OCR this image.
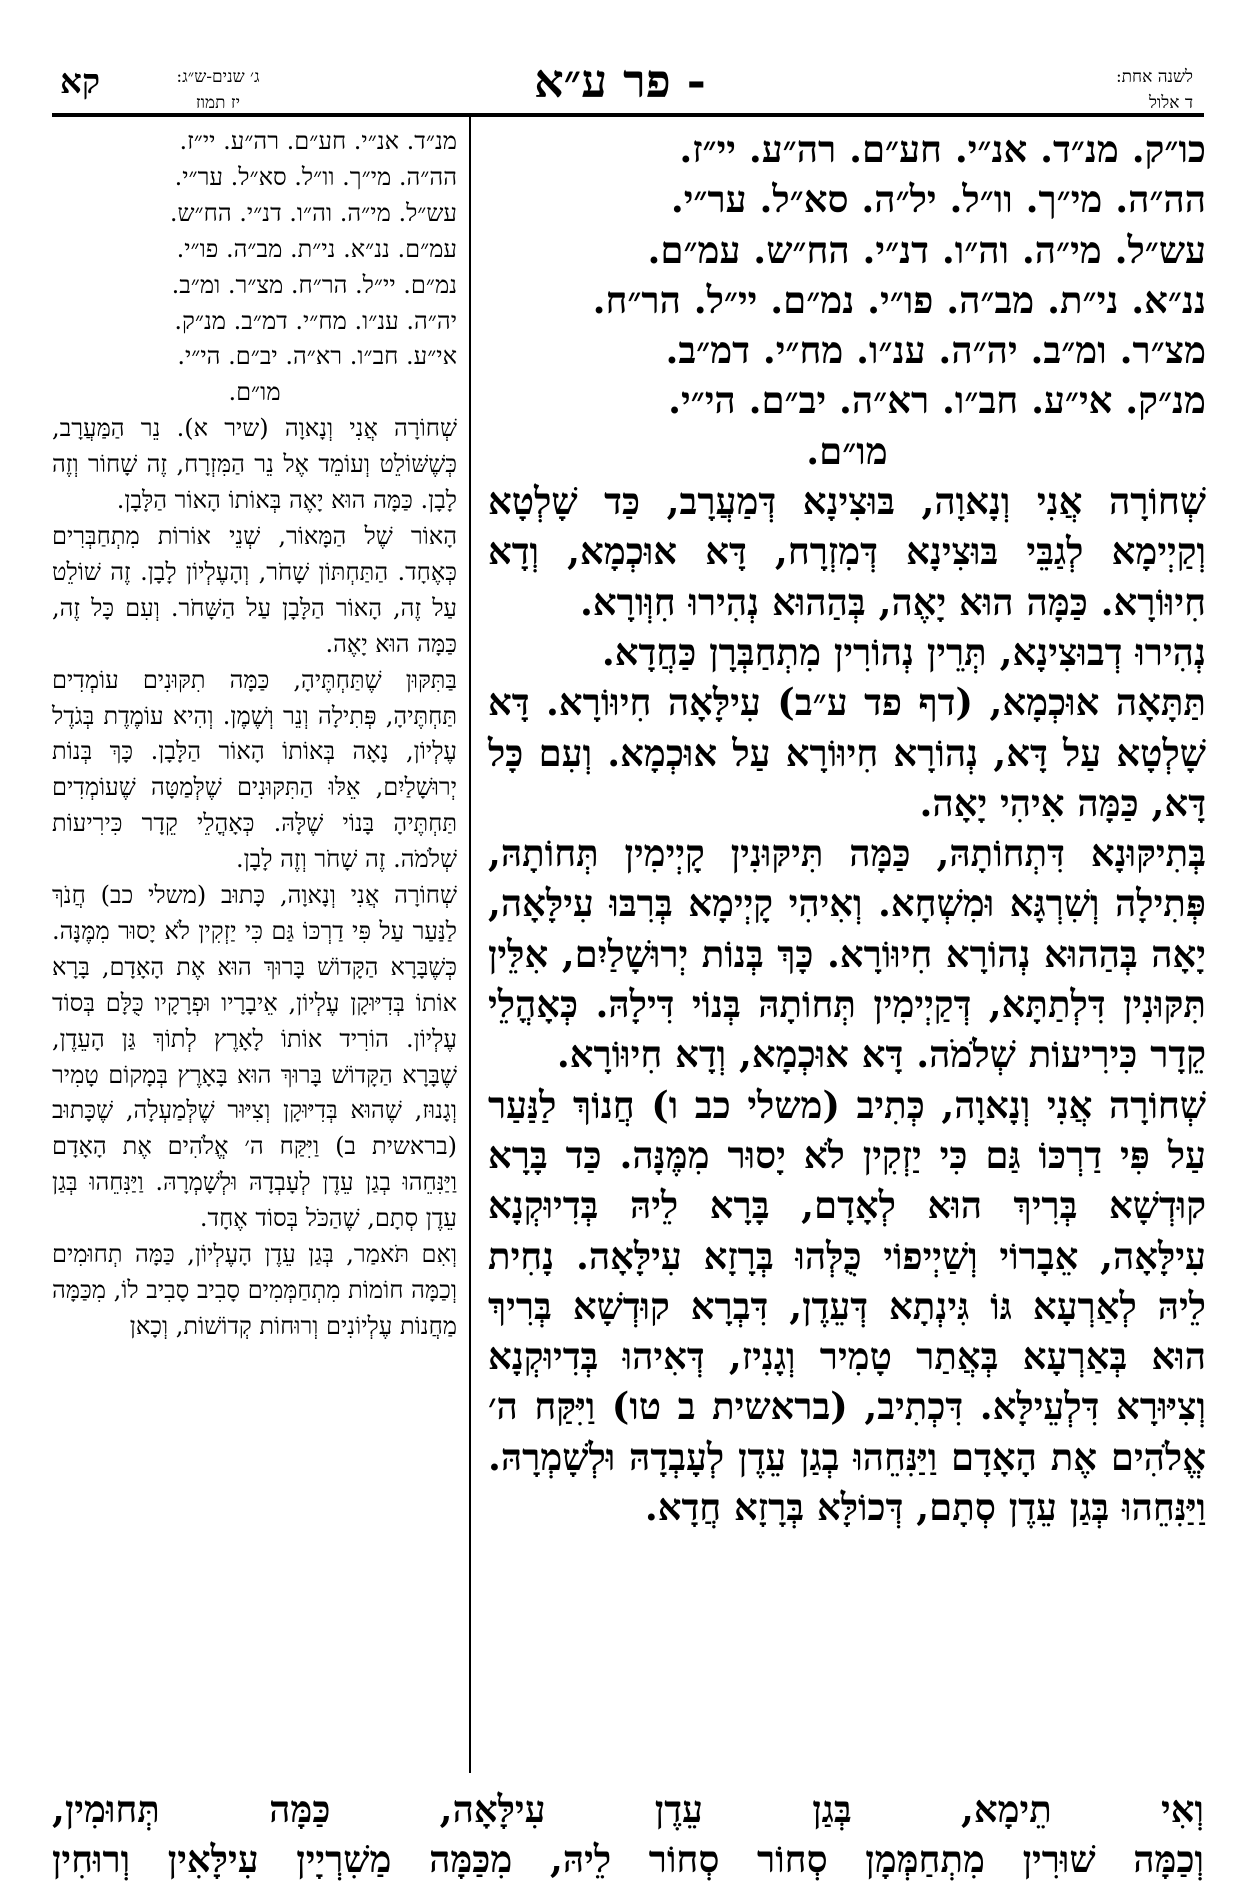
קא	ג׳ שנים-ש״ג:
יז תמוז	- פר ע״א	לשנה אחת:
ד אלול

כו״ק. מנ״ד. אנ״י. חע״ם. רה״ע. יי״ז.

הה״ה. מי״ך. וו״ל. יל״ה. סא״ל. ער״י.

עש״ל. מי״ה. וה״ו. דנ״י. הח״ש. עמ״ם.

ננ״א. ני״ת. מב״ה. פו״י. נמ״ם. יי״ל. הר״ח.

מצ״ר. ומ״ב. יה״ה. ענ״ו. מח״י. דמ״ב.

מנ״ק. אי״ע. חב״ו. רא״ה. יב״ם. הי״י.

מו״ם.

שְׁחוֹרָה אֲנִי וְנָאוָה, בּוּצִינָא דְּמַעֲרָב, כַּד שָׁלְטָא וְקַיְימָא לְגַבֵּי בּוּצִינָא דְּמִזְרָח, דָּא אוּכְמָא, וְדָא חִיוּוֹרָא. כַּמָּה הוּא יָאֶה, בְּהַהוּא נְהִירוּ חִוְּורָא.

נְהִירוּ דְבוּצִינָא, תְּרֵין נְהוֹרִין מִתְחַבְּרָן כַּחֲדָא.

תַּתָּאָה אוּכְמָא, (דף פד ע״ב) עִילָּאָה חִיוּוֹרָא. דָּא שָׁלְטָא עַל דָּא, נְהוֹרָא חִיוּוֹרָא עַל אוּכְמָא. וְעִם כָּל דָּא, כַּמָּה אִיהִי יָאָה.

בְּתִיקּוּנָא דִּתְחוֹתָהּ, כַּמָּה תִּיקּוּנִין קָיְימִין תְּחוֹתָהּ, פְּתִילָה וְשִׁרְגָּא וּמִשְׁחָא. וְאִיהִי קָיְימָא בְּרִבּוּ עִילָּאָה, יָאָה בְּהַהוּא נְהוֹרָא חִיוּוֹרָא. כָּךְ בְּנוֹת יְרוּשָׁלַיִם, אִלֵּין תִּקּוּנִין דִּלְתַתָּא, דְּקַיְימִין תְּחוֹתָהּ בְּנוֹי דִּילָהּ. כְּאָהֳלֵי קֵדָר כִּירִיעוֹת שְׁלֹמֹה. דָּא אוּכְמָא, וְדָא חִיוּוֹרָא.

שְׁחוֹרָה אֲנִי וְנָאוָה, כְּתִיב (משלי כב ו) חֲנוֹךְ לַנַּעַר עַל פִּי דַרְכּוֹ גַּם כִּי יַזְקִין לֹא יָסוּר מִמֶּנָּה. כַּד בָּרָא קוּדְשָׁא בְּרִיךְ הוּא לְאָדָם, בָּרָא לֵיהּ בְּדִיוּקְנָא עִילָּאָה, אֵבָרוֹי וְשַׁיְיפוֹי כֻּלְּהוּ בְּרָזָא עִילָּאָה. נָחִית לֵיהּ לְאַרְעָא גּוֹ גִּינְתָא דְּעֵדֶן, דִּבְרָא קוּדְשָׁא בְּרִיךְ הוּא בְּאַרְעָא בְּאֲתַר טָמִיר וְגָנִיז, דְּאִיהוּ בְּדִיוּקְנָא וְצִיּוּרָא דִּלְעֵילָּא. דִּכְתִיב, (בראשית ב טו) וַיִּקַּח ה׳ אֱלֹהִים אֶת הָאָדָם וַיַּנִּחֵהוּ בְגַן עֵדֶן לְעָבְדָהּ וּלְשָׁמְרָהּ. וַיַּנִּחֵהוּ בְּגַן עֵדֶן סְתָם, דְּכוֹלָּא בְּרָזָא חֲדָא.

מנ״ד. אנ״י. חע״ם. רה״ע. יי״ז.

הה״ה. מי״ך. וו״ל. סא״ל. ער״י.

עש״ל. מי״ה. וה״ו. דנ״י. הח״ש.

עמ״ם. ננ״א. ני״ת. מב״ה. פו״י.

נמ״ם. יי״ל. הר״ח. מצ״ר. ומ״ב.

יה״ה. ענ״ו. מח״י. דמ״ב. מנ״ק.

אי״ע. חב״ו. רא״ה. יב״ם. הי״י.

מו״ם.

שְׁחוֹרָה אֲנִי וְנָאוָה (שיר א). נֵר הַמַּעֲרָב, כְּשֶׁשּׁוֹלֵט וְעוֹמֵד אֶל נֵר הַמִּזְרָח, זֶה שָׁחוֹר וְזֶה לָבָן. כַּמָּה הוּא יָאֶה בְּאוֹתוֹ הָאוֹר הַלָּבָן.

הָאוֹר שֶׁל הַמָּאוֹר, שְׁנֵי אוֹרוֹת מִתְחַבְּרִים כְּאֶחָד. הַתַּחְתּוֹן שָׁחֹר, וְהָעֶלְיוֹן לָבָן. זֶה שׁוֹלֵט עַל זֶה, הָאוֹר הַלָּבָן עַל הַשָּׁחֹר. וְעִם כָּל זֶה, כַּמָּה הוּא יָאֶה.

בַּתִּקּוּן שֶׁתַּחְתֶּיהָ, כַּמָּה תִקּוּנִים עוֹמְדִים תַּחְתֶּיהָ, פְּתִילָה וְנֵר וְשֶׁמֶן. וְהִיא עוֹמֶדֶת בְּגֹדֶל עֶלְיוֹן, נָאָה בְּאוֹתוֹ הָאוֹר הַלָּבָן. כָּךְ בְּנוֹת יְרוּשָׁלַיִם, אֵלּוּ הַתִּקּוּנִים שֶׁלְּמַטָּה שֶׁעוֹמְדִים תַּחְתֶּיהָ בָּנוֹי שֶׁלָּהּ. כְּאָהֳלֵי קֵדָר כִּירִיעוֹת שְׁלֹמֹה. זֶה שָׁחֹר וְזֶה לָבָן.

שְׁחוֹרָה אֲנִי וְנָאוָה, כָּתוּב (משלי כב) חֲנֹךְ לַנַּעַר עַל פִּי דַרְכּוֹ גַּם כִּי יַזְקִין לֹא יָסוּר מִמֶּנָּה. כְּשֶׁבָּרָא הַקָּדוֹשׁ בָּרוּךְ הוּא אֶת הָאָדָם, בָּרָא אוֹתוֹ בְּדִיּוּקָן עֶלְיוֹן, אֵיבָרָיו וּפְרָקָיו כֻּלָּם בְּסוֹד עֶלְיוֹן. הוֹרִיד אוֹתוֹ לָאָרֶץ לְתוֹךְ גַּן הָעֵדֶן, שֶׁבָּרָא הַקָּדוֹשׁ בָּרוּךְ הוּא בָּאָרֶץ בְּמָקוֹם טָמִיר וְגָנוּז, שֶׁהוּא בְּדִיּוּקָן וְצִיּוּר שֶׁלְּמַעְלָה, שֶׁכָּתוּב (בראשית ב) וַיִּקַּח ה׳ אֱלֹהִים אֶת הָאָדָם וַיַּנִּחֵהוּ בְגַן עֵדֶן לְעָבְדָהּ וּלְשָׁמְרָהּ. וַיַּנִּחֵהוּ בְּגַן עֵדֶן סְתָם, שֶׁהַכֹּל בְּסוֹד אֶחָד.

וְאִם תֹּאמַר, בְּגַן עֵדֶן הָעֶלְיוֹן, כַּמָּה תְחוּמִים וְכַמָּה חוֹמוֹת מִתְחַמְּמִים סָבִיב סָבִיב לוֹ, מִכַּמָּה מַחֲנוֹת עֶלְיוֹנִים וְרוּחוֹת קְדוֹשׁוֹת, וְכָאן

וְאִי תֵימָא, בְּגַן עֵדֶן עִילָּאָה, כַּמָּה תְּחוּמִין,

וְכַמָּה שׁוּרִין מִתְחַמְּמָן סְחוֹר סְחוֹר לֵיהּ, מִכַּמָּה מַשִׁרְיָין עִילָּאִין וְרוּחִין
